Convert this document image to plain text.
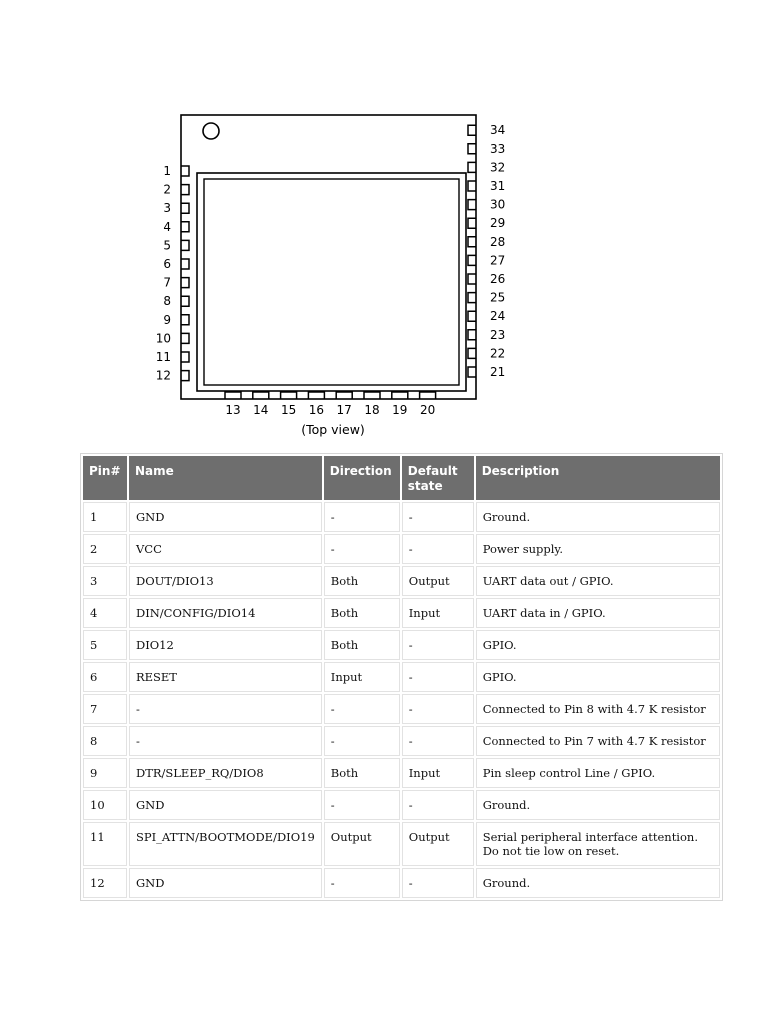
1
2
3
4
5
6
7
8
9
10
11
12	21
22
23
24
25
26
27
28
29
30
31
32
33
34
13 14 15 16 17 18 19 20
(Top view)
Pin#	Name	Direction	Default state	Description
1	GND	-	-	Ground.
2	VCC	-	-	Power supply.
3	DOUT/DIO13	Both	Output	UART data out / GPIO.
4	DIN/CONFIG/DIO14	Both	Input	UART data in / GPIO.
5	DIO12	Both	-	GPIO.
6	RESET	Input	-	GPIO.
7	-	-	-	Connected to Pin 8 with 4.7 K resistor
8	-	-	-	Connected to Pin 7 with 4.7 K resistor
9	DTR/SLEEP_RQ/DIO8	Both	Input	Pin sleep control Line / GPIO.
10	GND	-	-	Ground.
11	SPI_ATTN/BOOTMODE/DIO19	Output	Output	Serial peripheral interface attention. Do not tie low on reset.
12	GND	-	-	Ground.
